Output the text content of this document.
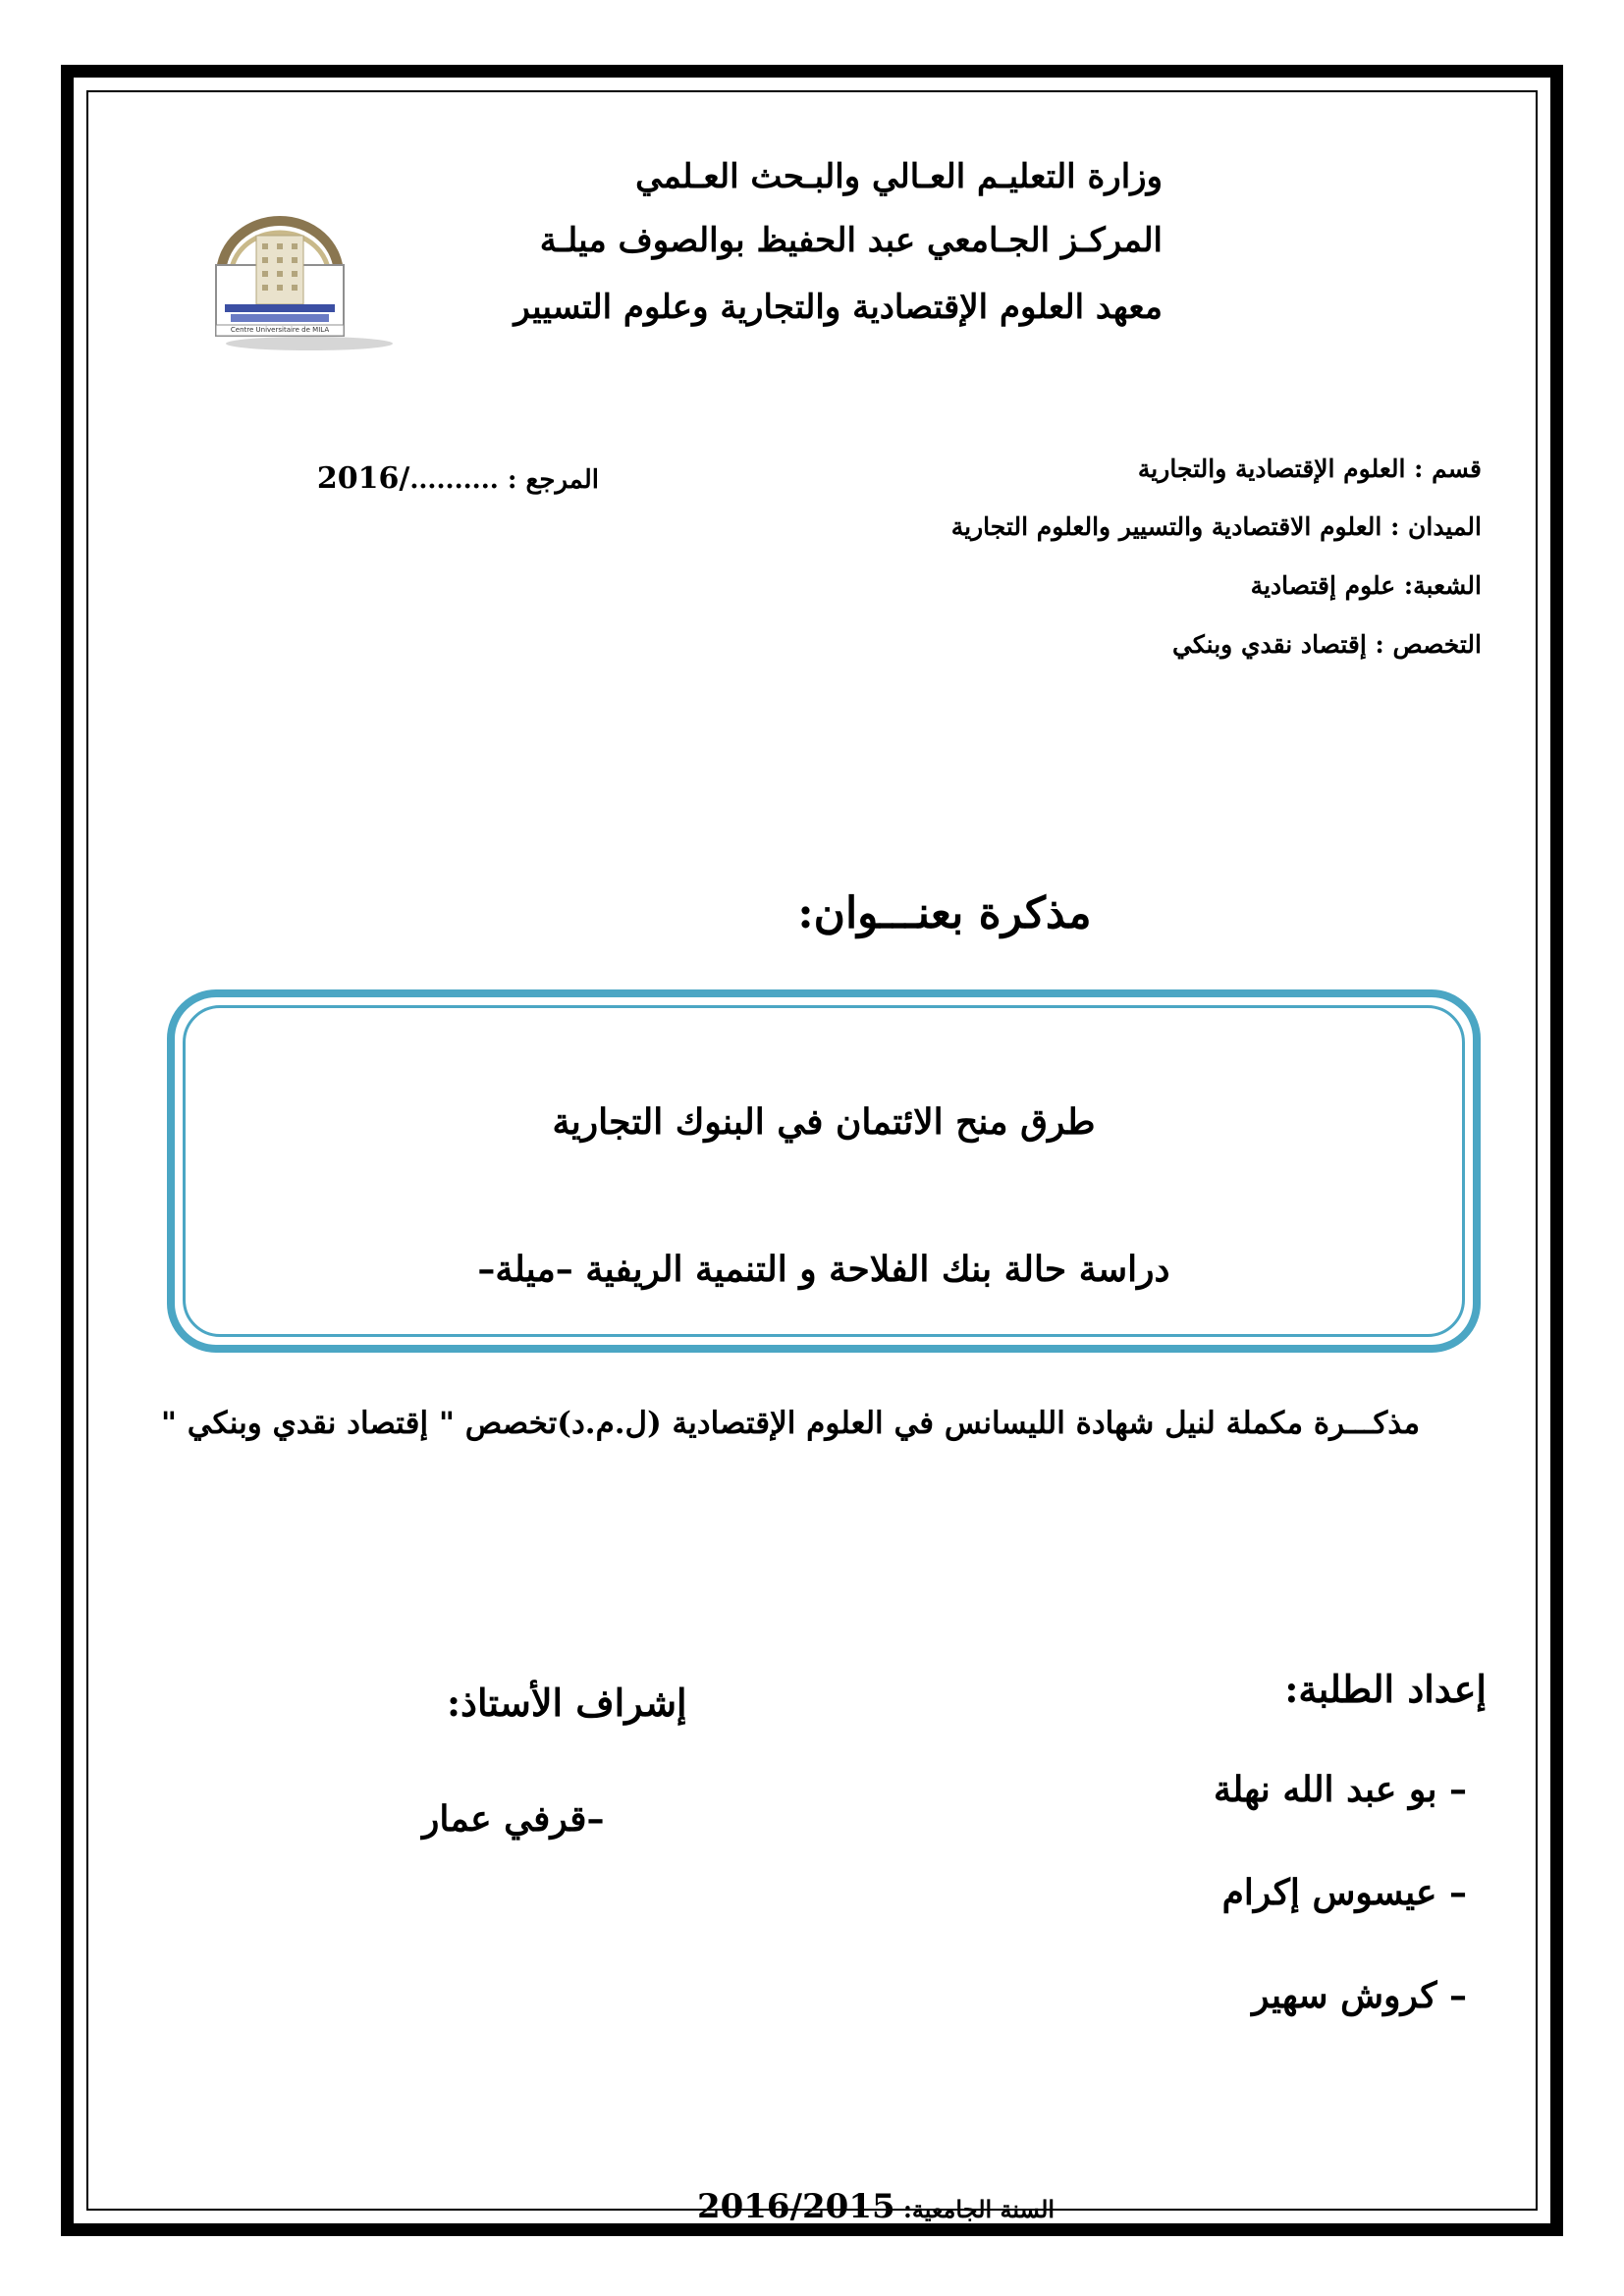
وزارة التعليـم العـالي والبـحث العـلمي
المركـز الجـامعي عبد الحفيظ بوالصوف ميلـة
معهد العلوم الإقتصادية والتجارية وعلوم التسيير
Centre Universitaire de MILA
قسم : العلوم الإقتصادية والتجارية
الميدان : العلوم الاقتصادية والتسيير والعلوم التجارية
الشعبة: علوم إقتصادية
التخصص : إقتصاد نقدي وبنكي
المرجع : ..........2016/
مذكرة بعنـــوان:
طرق منح الائتمان في البنوك التجارية
دراسة حالة بنك الفلاحة و التنمية الريفية –ميلة–
مذكـــرة مكملة لنيل شهادة الليسانس في العلوم الإقتصادية (ل.م.د)تخصص " إقتصاد نقدي وبنكي "
إعداد الطلبة:
– بو عبد الله نهلة
– عيسوس إكرام
– كروش سهير
إشراف الأستاذ:
–قرفي عمار
السنة الجامعية: 2016/2015
